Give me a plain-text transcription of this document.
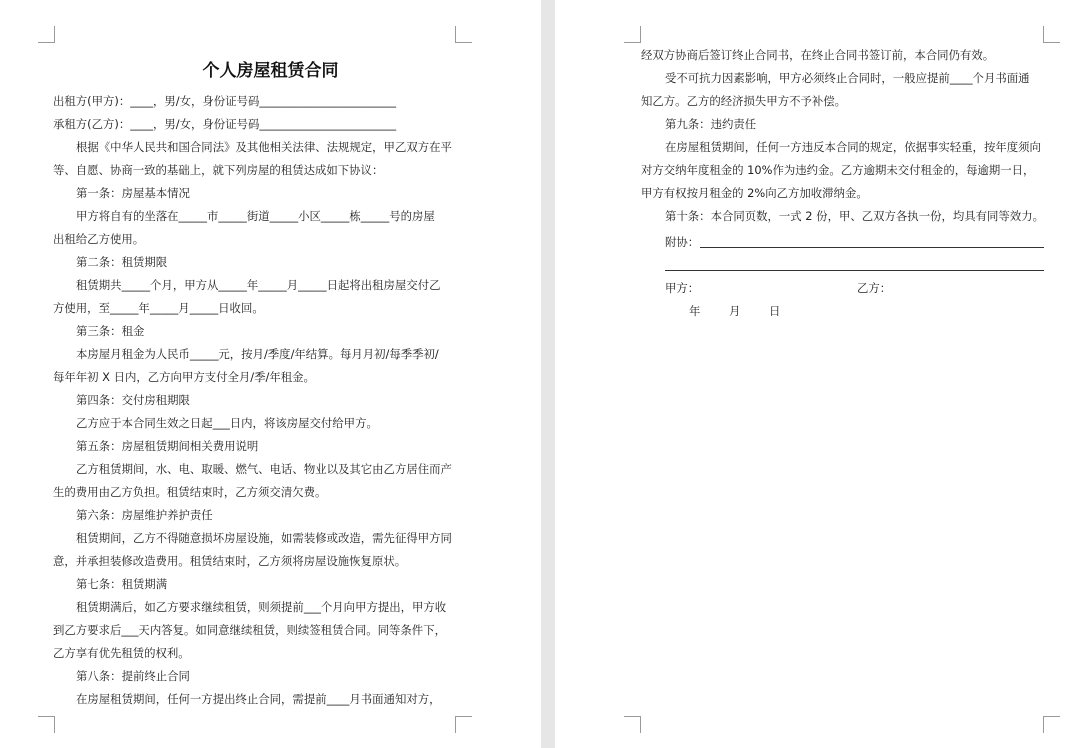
个人房屋租赁合同
出租方(甲方)：____，男/女，身份证号码________________________
承租方(乙方)：____，男/女，身份证号码________________________
根据《中华人民共和国合同法》及其他相关法律、法规规定，甲乙双方在平
等、自愿、协商一致的基础上，就下列房屋的租赁达成如下协议：
第一条：房屋基本情况
甲方将自有的坐落在_____市_____街道_____小区_____栋_____号的房屋
出租给乙方使用。
第二条：租赁期限
租赁期共_____个月，甲方从_____年_____月_____日起将出租房屋交付乙
方使用，至_____年_____月_____日收回。
第三条：租金
本房屋月租金为人民币_____元，按月/季度/年结算。每月月初/每季季初/
每年年初 X 日内，乙方向甲方支付全月/季/年租金。
第四条：交付房租期限
乙方应于本合同生效之日起___日内，将该房屋交付给甲方。
第五条：房屋租赁期间相关费用说明
乙方租赁期间，水、电、取暖、燃气、电话、物业以及其它由乙方居住而产
生的费用由乙方负担。租赁结束时，乙方须交清欠费。
第六条：房屋维护养护责任
租赁期间，乙方不得随意损坏房屋设施，如需装修或改造，需先征得甲方同
意，并承担装修改造费用。租赁结束时，乙方须将房屋设施恢复原状。
第七条：租赁期满
租赁期满后，如乙方要求继续租赁，则须提前___个月向甲方提出，甲方收
到乙方要求后___天内答复。如同意继续租赁，则续签租赁合同。同等条件下，
乙方享有优先租赁的权利。
第八条：提前终止合同
在房屋租赁期间，任何一方提出终止合同，需提前____月书面通知对方，
经双方协商后签订终止合同书，在终止合同书签订前，本合同仍有效。
受不可抗力因素影响，甲方必须终止合同时，一般应提前____个月书面通
知乙方。乙方的经济损失甲方不予补偿。
第九条：违约责任
在房屋租赁期间，任何一方违反本合同的规定，依据事实轻重，按年度须向
对方交纳年度租金的 10%作为违约金。乙方逾期未交付租金的，每逾期一日，
甲方有权按月租金的 2%向乙方加收滞纳金。
第十条：本合同页数，一式 2 份，甲、乙双方各执一份，均具有同等效力。
附协：
甲方：	乙方：
年	月	日
